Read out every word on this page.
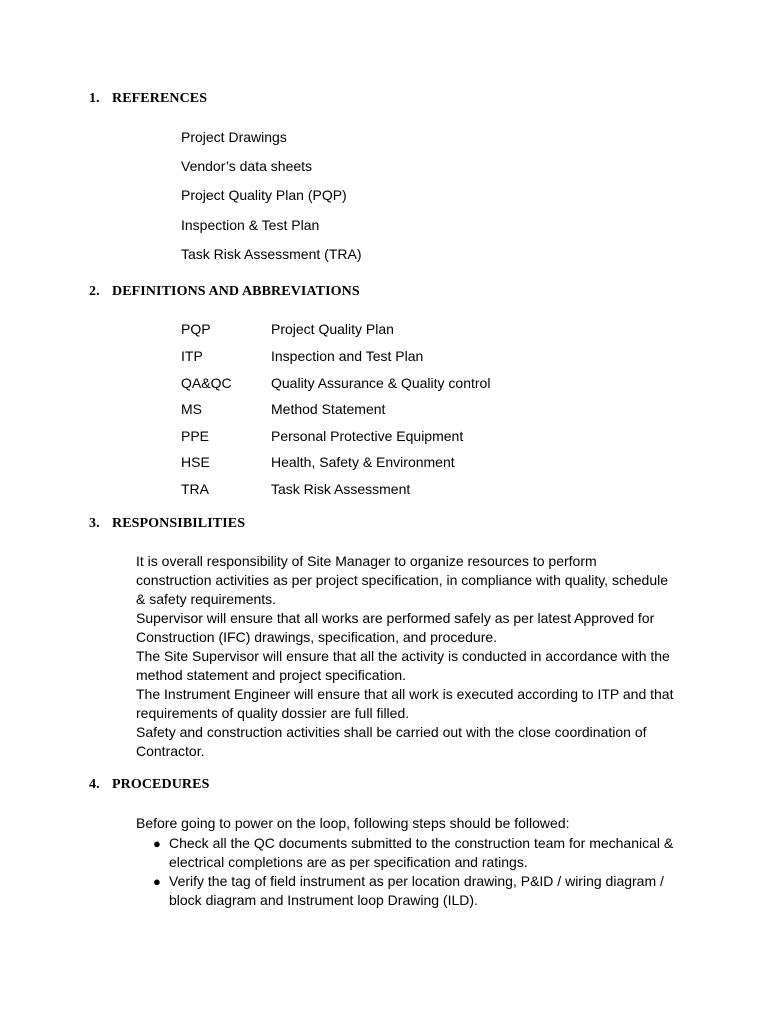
1. REFERENCES
Project Drawings
Vendor’s data sheets
Project Quality Plan (PQP)
Inspection & Test Plan
Task Risk Assessment (TRA)
2. DEFINITIONS AND ABBREVIATIONS
PQP	Project Quality Plan
ITP	Inspection and Test Plan
QA&QC	Quality Assurance & Quality control
MS	Method Statement
PPE	Personal Protective Equipment
HSE	Health, Safety & Environment
TRA	Task Risk Assessment
3. RESPONSIBILITIES

It is overall responsibility of Site Manager to organize resources to perform construction activities as per project specification, in compliance with quality, schedule & safety requirements.

Supervisor will ensure that all works are performed safely as per latest Approved for Construction (IFC) drawings, specification, and procedure.

The Site Supervisor will ensure that all the activity is conducted in accordance with the method statement and project specification.

The Instrument Engineer will ensure that all work is executed according to ITP and that requirements of quality dossier are full filled.

Safety and construction activities shall be carried out with the close coordination of Contractor.

4. PROCEDURES
Before going to power on the loop, following steps should be followed:
● Check all the QC documents submitted to the construction team for mechanical & electrical completions are as per specification and ratings.
● Verify the tag of field instrument as per location drawing, P&ID / wiring diagram / block diagram and Instrument loop Drawing (ILD).
